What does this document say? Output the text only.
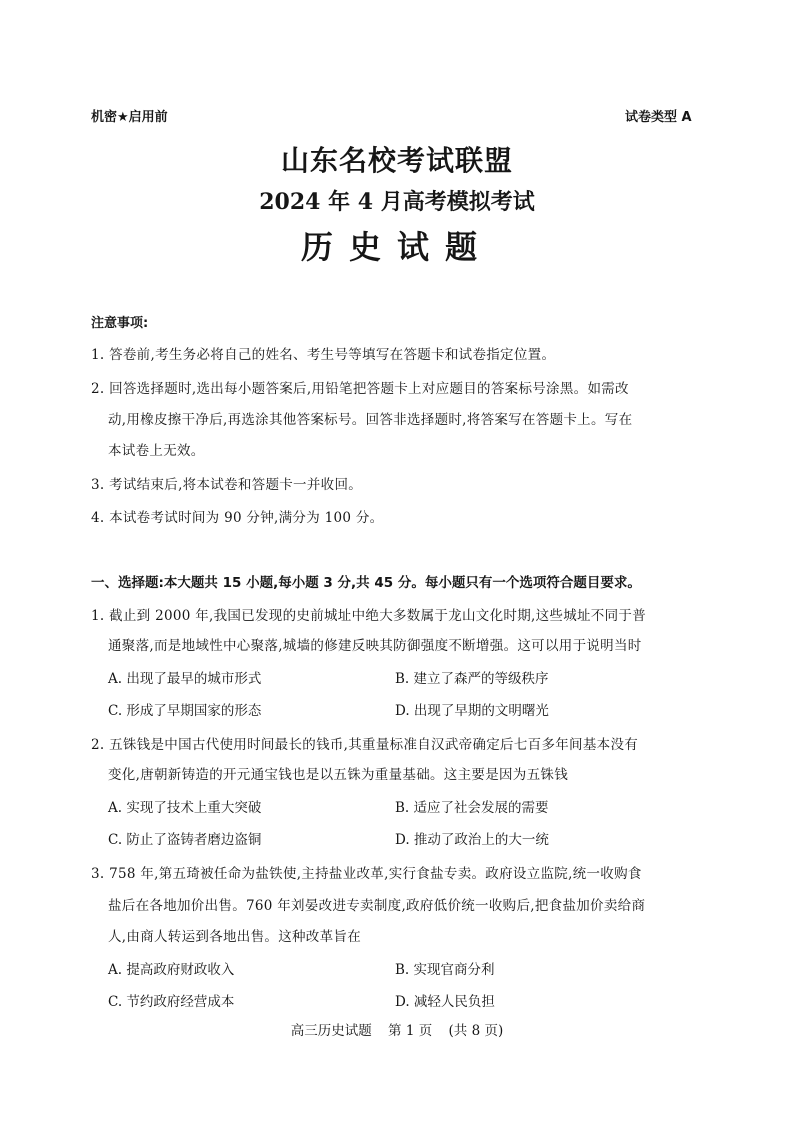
机密★启用前	试卷类型 A
山东名校考试联盟
2024 年 4 月高考模拟考试
历史试题
注意事项:
1. 答卷前,考生务必将自己的姓名、考生号等填写在答题卡和试卷指定位置。
2. 回答选择题时,选出每小题答案后,用铅笔把答题卡上对应题目的答案标号涂黑。如需改
动,用橡皮擦干净后,再选涂其他答案标号。回答非选择题时,将答案写在答题卡上。写在
本试卷上无效。
3. 考试结束后,将本试卷和答题卡一并收回。
4. 本试卷考试时间为 90 分钟,满分为 100 分。
一、选择题:本大题共 15 小题,每小题 3 分,共 45 分。每小题只有一个选项符合题目要求。
1. 截止到 2000 年,我国已发现的史前城址中绝大多数属于龙山文化时期,这些城址不同于普
通聚落,而是地域性中心聚落,城墙的修建反映其防御强度不断增强。这可以用于说明当时
A. 出现了最早的城市形式	B. 建立了森严的等级秩序
C. 形成了早期国家的形态	D. 出现了早期的文明曙光
2. 五铢钱是中国古代使用时间最长的钱币,其重量标准自汉武帝确定后七百多年间基本没有
变化,唐朝新铸造的开元通宝钱也是以五铢为重量基础。这主要是因为五铢钱
A. 实现了技术上重大突破	B. 适应了社会发展的需要
C. 防止了盗铸者磨边盗铜	D. 推动了政治上的大一统
3. 758 年,第五琦被任命为盐铁使,主持盐业改革,实行食盐专卖。政府设立监院,统一收购食
盐后在各地加价出售。760 年刘晏改进专卖制度,政府低价统一收购后,把食盐加价卖给商
人,由商人转运到各地出售。这种改革旨在
A. 提高政府财政收入	B. 实现官商分利
C. 节约政府经营成本	D. 减轻人民负担
高三历史试题 第 1 页 (共 8 页)
